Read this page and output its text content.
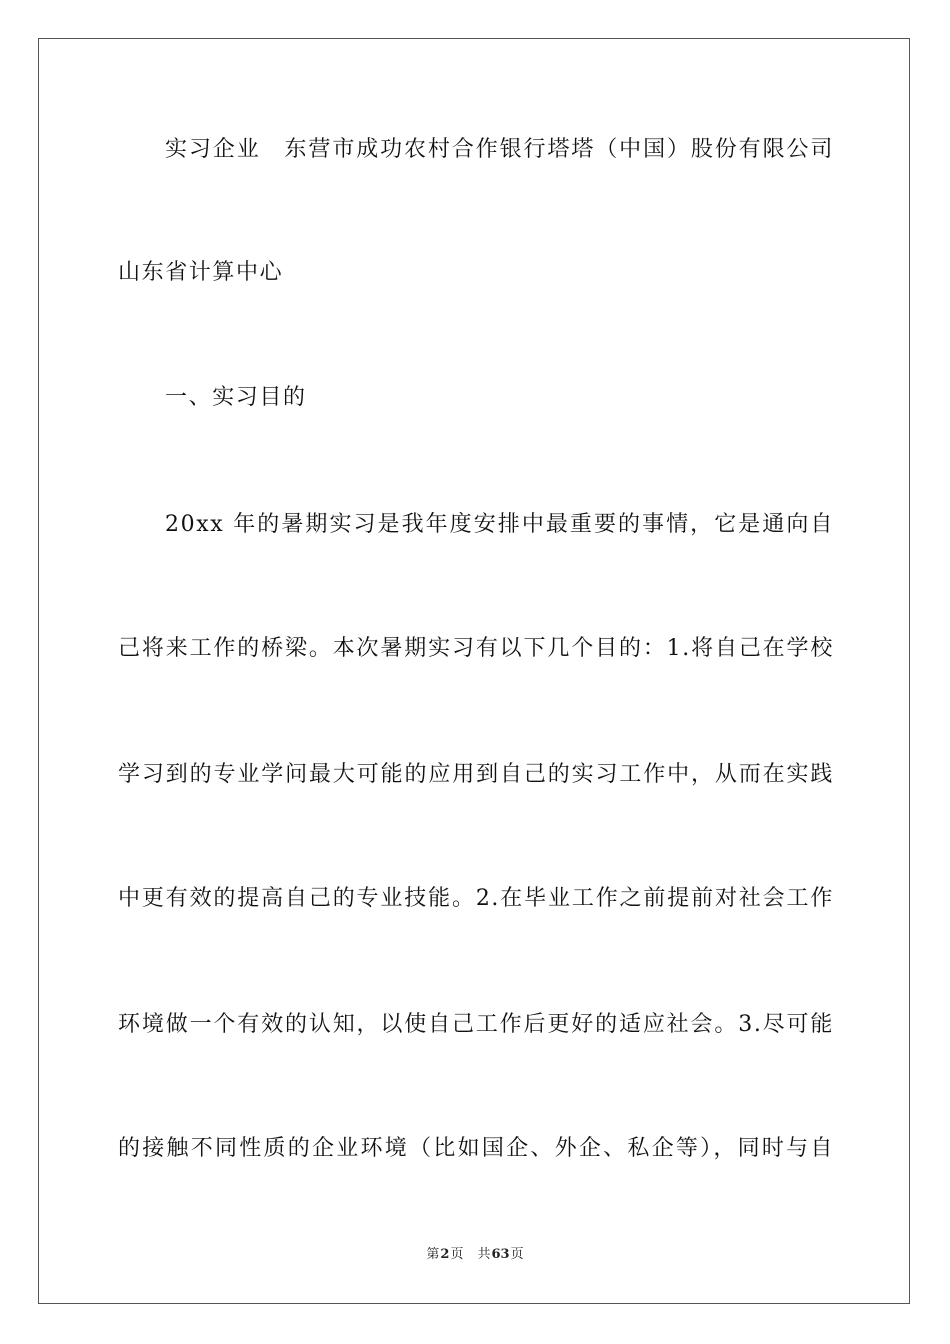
实习企业　东营市成功农村合作银行塔塔（中国）股份有限公司
山东省计算中心
一、实习目的
20xx 年的暑期实习是我年度安排中最重要的事情，它是通向自
己将来工作的桥梁。本次暑期实习有以下几个目的：1.将自己在学校
学习到的专业学问最大可能的应用到自己的实习工作中，从而在实践
中更有效的提高自己的专业技能。2.在毕业工作之前提前对社会工作
环境做一个有效的认知，以使自己工作后更好的适应社会。3.尽可能
的接触不同性质的企业环境（比如国企、外企、私企等），同时与自
第2页 共63页
